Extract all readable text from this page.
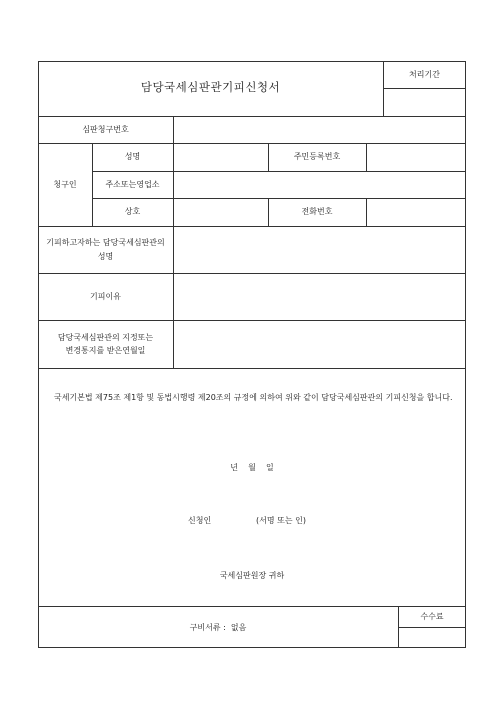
담당국세심판관기피신청서
처리기간
심판청구번호
청구인
성명	주민등록번호
주소또는영업소
상호	전화번호
기피하고자하는 담당국세심판관의
성명
기피이유
담당국세심판관의 지정또는
변경통지를 받은연월일
국세기본법 제75조 제1항 및 동법시행령 제20조의 규정에 의하여 위와 같이 담당국세심판관의 기피신청을 합니다.
년    월    일
신청인	(서명 또는 인)
국세심판원장 귀하
구비서류 :  없음
수수료
